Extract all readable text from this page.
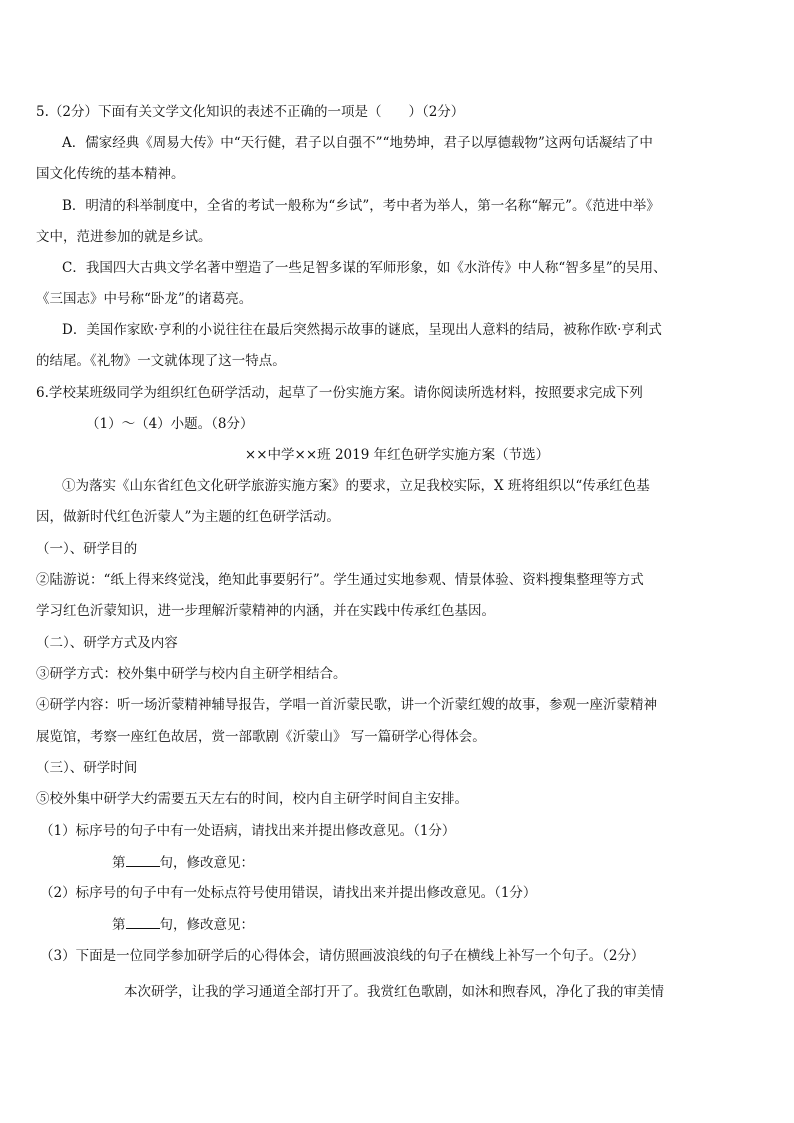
5.（2分）下面有关文学文化知识的表述不正确的一项是（　　）（2分）
A．儒家经典《周易大传》中“天行健，君子以自强不”“地势坤，君子以厚德载物”这两句话凝结了中
国文化传统的基本精神。
B．明清的科举制度中，全省的考试一般称为“乡试”，考中者为举人，第一名称“解元”。《范进中举》
文中，范进参加的就是乡试。
C．我国四大古典文学名著中塑造了一些足智多谋的军师形象，如《水浒传》中人称“智多星”的吴用、
《三国志》中号称“卧龙”的诸葛亮。
D．美国作家欧·亨利的小说往往在最后突然揭示故事的谜底，呈现出人意料的结局，被称作欧·亨利式
的结尾。《礼物》一文就体现了这一特点。
6.学校某班级同学为组织红色研学活动，起草了一份实施方案。请你阅读所选材料，按照要求完成下列
（1）～（4）小题。（8分）
××中学××班 2019 年红色研学实施方案（节选）
①为落实《山东省红色文化研学旅游实施方案》的要求，立足我校实际，X 班将组织以“传承红色基
因，做新时代红色沂蒙人”为主题的红色研学活动。
（一）、研学目的
②陆游说：“纸上得来终觉浅，绝知此事要躬行”。学生通过实地参观、情景体验、资料搜集整理等方式
学习红色沂蒙知识，进一步理解沂蒙精神的内涵，并在实践中传承红色基因。
（二）、研学方式及内容
③研学方式：校外集中研学与校内自主研学相结合。
④研学内容：听一场沂蒙精神辅导报告，学唱一首沂蒙民歌，讲一个沂蒙红嫂的故事，参观一座沂蒙精神
展览馆，考察一座红色故居，赏一部歌剧《沂蒙山》 写一篇研学心得体会。
（三）、研学时间
⑤校外集中研学大约需要五天左右的时间，校内自主研学时间自主安排。
（1）标序号的句子中有一处语病，请找出来并提出修改意见。（1分）
第	句，修改意见：
（2）标序号的句子中有一处标点符号使用错误，请找出来并提出修改意见。（1分）
第	句，修改意见：
（3）下面是一位同学参加研学后的心得体会，请仿照画波浪线的句子在横线上补写一个句子。（2分）
本次研学，让我的学习通道全部打开了。我赏红色歌剧，如沐和煦春风，净化了我的审美情
